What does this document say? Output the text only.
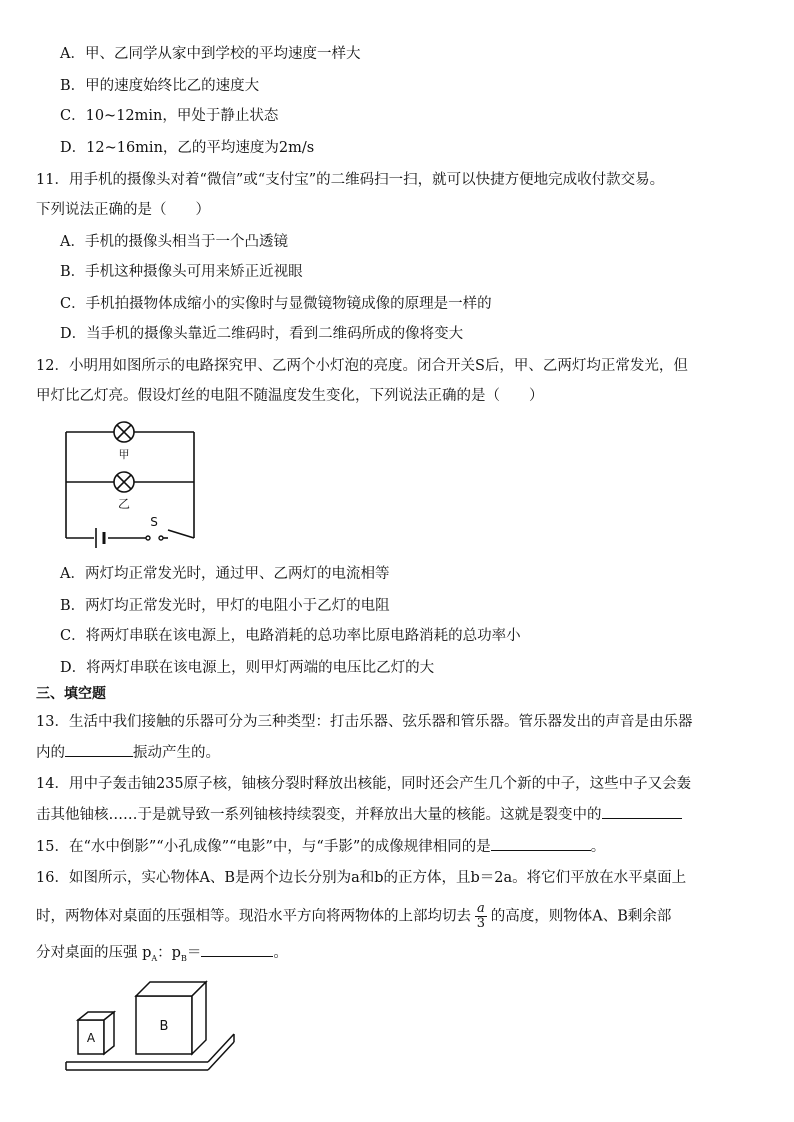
A．甲、乙同学从家中到学校的平均速度一样大
B．甲的速度始终比乙的速度大
C．10~12min，甲处于静止状态
D．12~16min，乙的平均速度为2m/s
11．用手机的摄像头对着“微信”或“支付宝”的二维码扫一扫，就可以快捷方便地完成收付款交易。
下列说法正确的是（　　）
A．手机的摄像头相当于一个凸透镜
B．手机这种摄像头可用来矫正近视眼
C．手机拍摄物体成缩小的实像时与显微镜物镜成像的原理是一样的
D．当手机的摄像头靠近二维码时，看到二维码所成的像将变大
12．小明用如图所示的电路探究甲、乙两个小灯泡的亮度。闭合开关S后，甲、乙两灯均正常发光，但
甲灯比乙灯亮。假设灯丝的电阻不随温度发生变化，下列说法正确的是（　　）
甲
乙
S
A．两灯均正常发光时，通过甲、乙两灯的电流相等
B．两灯均正常发光时，甲灯的电阻小于乙灯的电阻
C．将两灯串联在该电源上，电路消耗的总功率比原电路消耗的总功率小
D．将两灯串联在该电源上，则甲灯两端的电压比乙灯的大
三、填空题
13．生活中我们接触的乐器可分为三种类型：打击乐器、弦乐器和管乐器。管乐器发出的声音是由乐器
内的	振动产生的。
14．用中子轰击铀235原子核，铀核分裂时释放出核能，同时还会产生几个新的中子，这些中子又会轰
击其他铀核……于是就导致一系列铀核持续裂变，并释放出大量的核能。这就是裂变中的
15．在“水中倒影”“小孔成像”“电影”中，与“手影”的成像规律相同的是	。
16．如图所示，实心物体A、B是两个边长分别为a和b的正方体，且b＝2a。将它们平放在水平桌面上
时，两物体对桌面的压强相等。现沿水平方向将两物体的上部均切去 $\frac{a}{3}$ 的高度，则物体A、B剩余部
分对桌面的压强 $p_A$：$p_B=$	。
A
B
